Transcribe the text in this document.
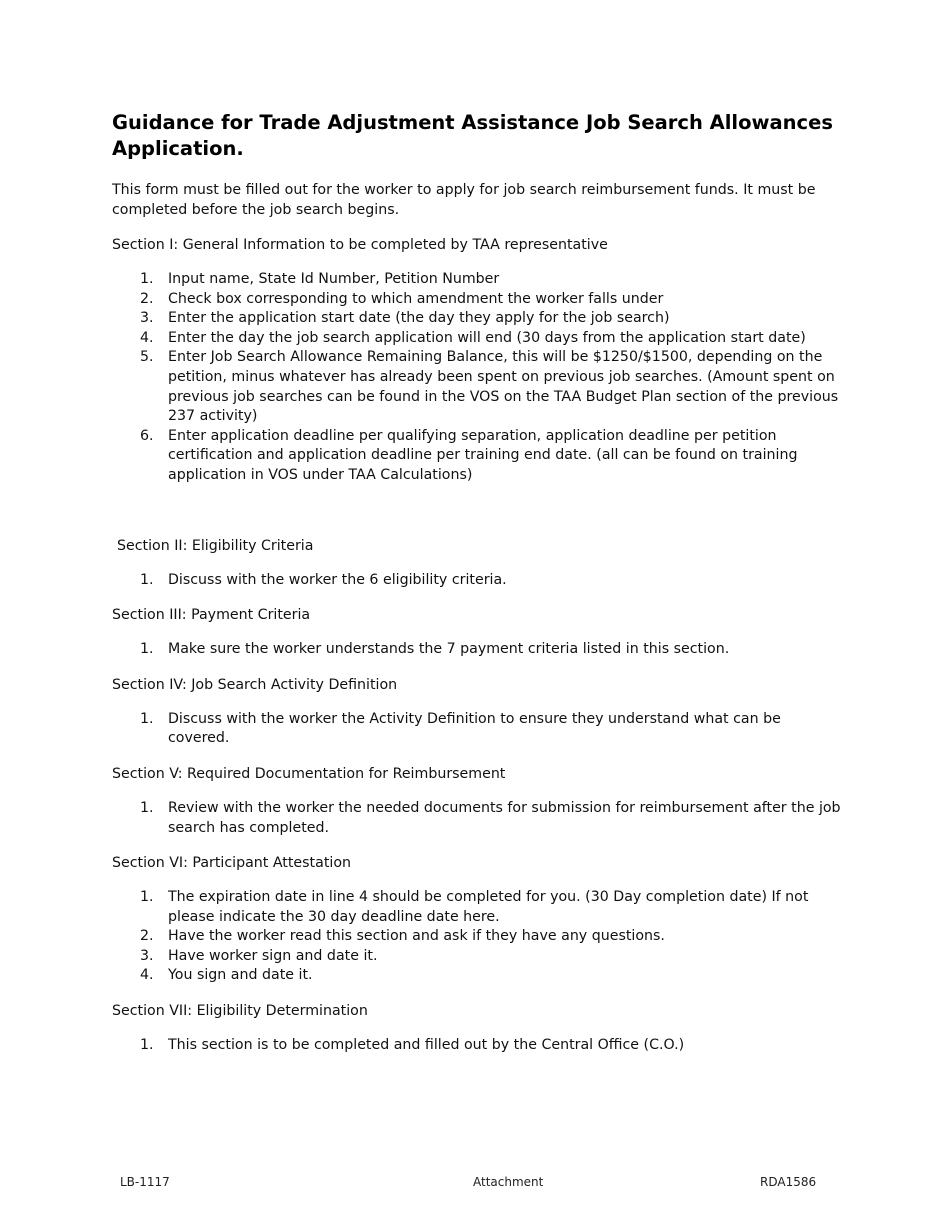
Guidance for Trade Adjustment Assistance Job Search Allowances Application.

This form must be filled out for the worker to apply for job search reimbursement funds. It must be completed before the job search begins.

Section I: General Information to be completed by TAA representative

1. Input name, State Id Number, Petition Number
2. Check box corresponding to which amendment the worker falls under
3. Enter the application start date (the day they apply for the job search)
4. Enter the day the job search application will end (30 days from the application start date)
5. Enter Job Search Allowance Remaining Balance, this will be $1250/$1500, depending on the petition, minus whatever has already been spent on previous job searches. (Amount spent on previous job searches can be found in the VOS on the TAA Budget Plan section of the previous 237 activity)
6. Enter application deadline per qualifying separation, application deadline per petition certification and application deadline per training end date. (all can be found on training application in VOS under TAA Calculations)

Section II: Eligibility Criteria

1. Discuss with the worker the 6 eligibility criteria.

Section III: Payment Criteria

1. Make sure the worker understands the 7 payment criteria listed in this section.

Section IV: Job Search Activity Definition

1. Discuss with the worker the Activity Definition to ensure they understand what can be covered.

Section V: Required Documentation for Reimbursement

1. Review with the worker the needed documents for submission for reimbursement after the job search has completed.

Section VI: Participant Attestation

1. The expiration date in line 4 should be completed for you. (30 Day completion date) If not please indicate the 30 day deadline date here.
2. Have the worker read this section and ask if they have any questions.
3. Have worker sign and date it.
4. You sign and date it.

Section VII: Eligibility Determination

1. This section is to be completed and filled out by the Central Office (C.O.)
LB-1117	Attachment	RDA1586
